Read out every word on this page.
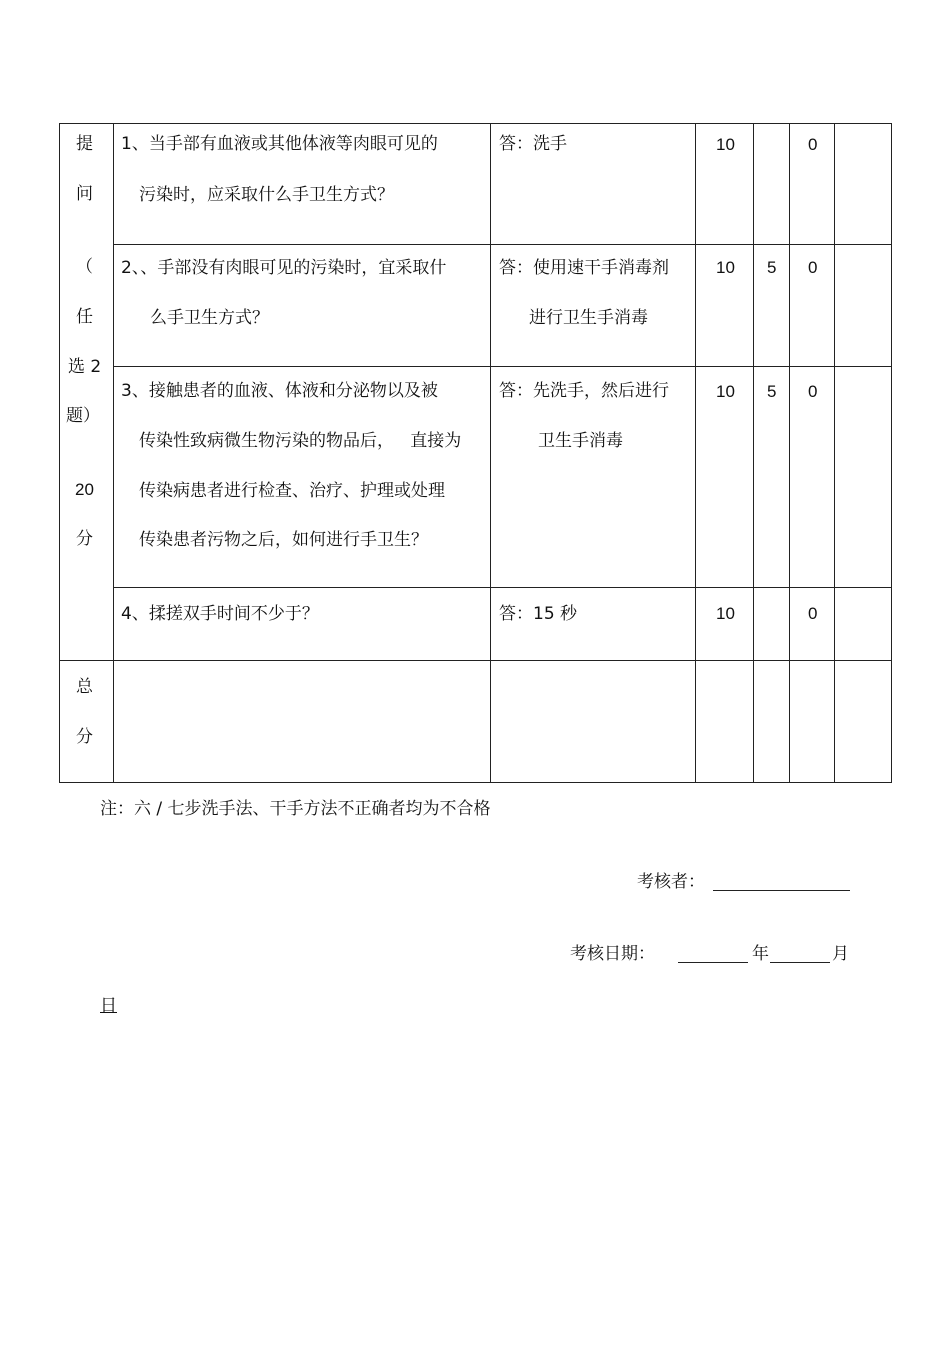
提
问
（
任
选 2
题）
20
分
1、当手部有血液或其他体液等肉眼可见的
污染时，应采取什么手卫生方式？
答：洗手	10	0
2、、手部没有肉眼可见的污染时，宜采取什
么手卫生方式？
答：使用速干手消毒剂
进行卫生手消毒
10 5 0
3、接触患者的血液、体液和分泌物以及被
传染性致病微生物污染的物品后，   直接为
传染病患者进行检查、治疗、护理或处理
传染患者污物之后，如何进行手卫生？
答：先洗手，然后进行
卫生手消毒
10 5 0
4、揉搓双手时间不少于？	答：15 秒	10	0
总
分
注：六 / 七步洗手法、干手方法不正确者均为不合格
考核者：
考核日期：	年	月
日
